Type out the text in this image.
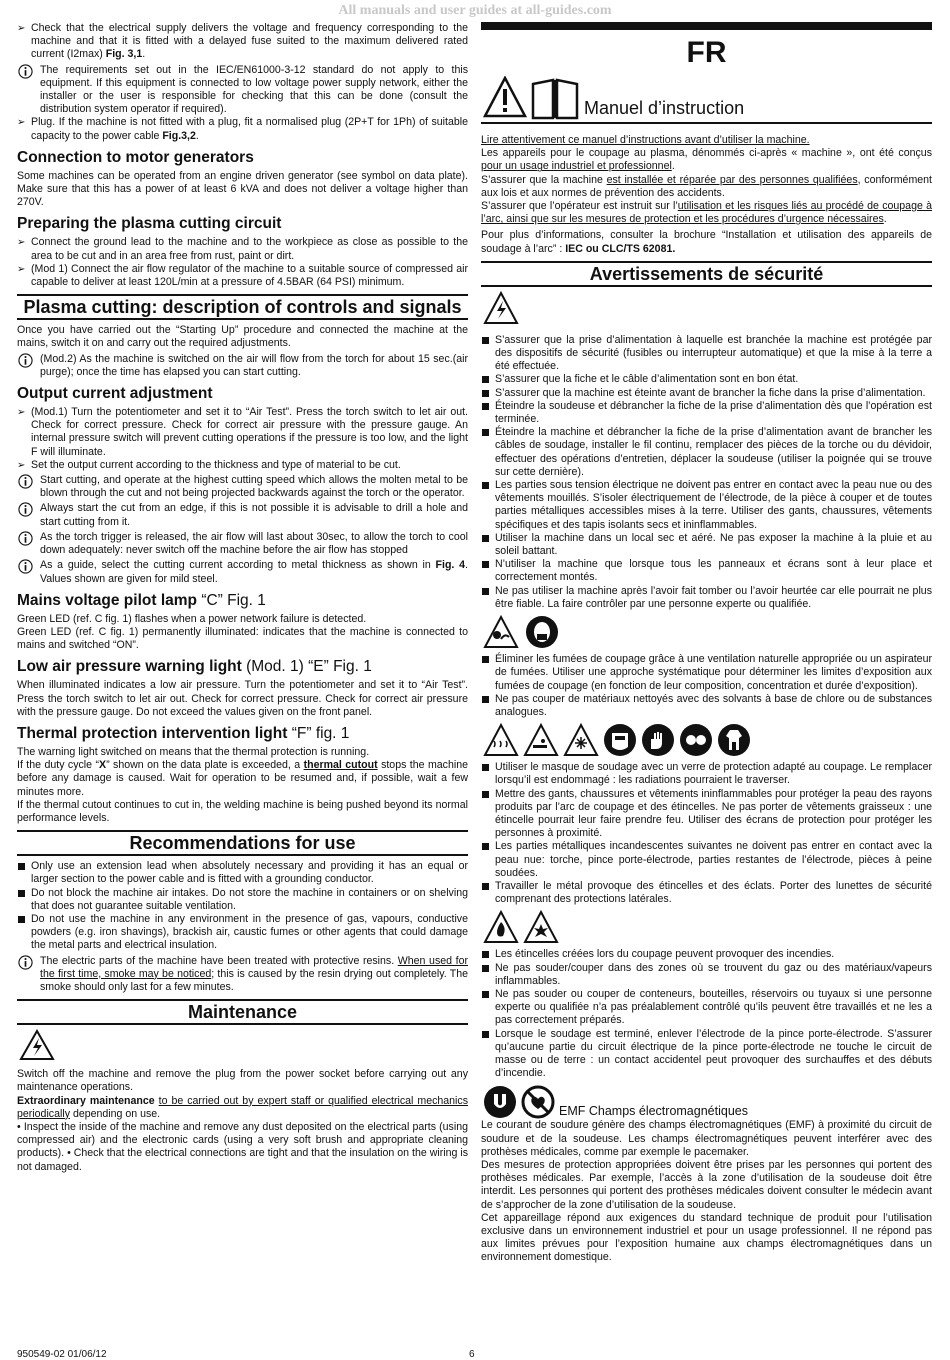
All manuals and user guides at all-guides.com
➢ Check that the electrical supply delivers the voltage and frequency corresponding to the machine and that it is fitted with a delayed fuse suited to the maximum delivered rated current (I2max) Fig. 3,1.
The requirements set out in the IEC/EN61000-3-12 standard do not apply to this equipment. If this equipment is connected to low voltage power supply network, either the installer or the user is responsible for checking that this can be done (consult the distribution system operator if required).
➢ Plug. If the machine is not fitted with a plug, fit a normalised plug (2P+T for 1Ph) of suitable capacity to the power cable Fig.3,2.
Connection to motor generators

Some machines can be operated from an engine driven generator (see symbol on data plate). Make sure that this has a power of at least 6 kVA and does not deliver a voltage higher than 270V.

Preparing the plasma cutting circuit
➢ Connect the ground lead to the machine and to the workpiece as close as possible to the area to be cut and in an area free from rust, paint or dirt.
➢ (Mod 1) Connect the air flow regulator of the machine to a suitable source of compressed air capable to deliver at least 120L/min at a pressure of 4.5BAR (64 PSI) minimum.
Plasma cutting: description of controls and signals

Once you have carried out the “Starting Up” procedure and connected the machine at the mains, switch it on and carry out the required adjustments.

(Mod.2) As the machine is switched on the air will flow from the torch for about 15 sec.(air purge); once the time has elapsed you can start cutting.
Output current adjustment
➢ (Mod.1) Turn the potentiometer and set it to “Air Test”. Press the torch switch to let air out. Check for correct pressure. Check for correct air pressure with the pressure gauge. An internal pressure switch will prevent cutting operations if the pressure is too low, and the light F will illuminate.
➢ Set the output current according to the thickness and type of material to be cut.
Start cutting, and operate at the highest cutting speed which allows the molten metal to be blown through the cut and not being projected backwards against the torch or the operator.
Always start the cut from an edge, if this is not possible it is advisable to drill a hole and start cutting from it.
As the torch trigger is released, the air flow will last about 30sec, to allow the torch to cool down adequately: never switch off the machine before the air flow has stopped
As a guide, select the cutting current according to metal thickness as shown in Fig. 4. Values shown are given for mild steel.
Mains voltage pilot lamp “C” Fig. 1

Green LED (ref. C fig. 1) flashes when a power network failure is detected.

Green LED (ref. C fig. 1) permanently illuminated: indicates that the machine is connected to mains and switched “ON”.

Low air pressure warning light (Mod. 1) “E” Fig. 1

When illuminated indicates a low air pressure. Turn the potentiometer and set it to “Air Test”. Press the torch switch to let air out. Check for correct pressure. Check for correct air pressure with the pressure gauge. Do not exceed the values given on the front panel.

Thermal protection intervention light “F” fig. 1

The warning light switched on means that the thermal protection is running.

If the duty cycle “X” shown on the data plate is exceeded, a thermal cutout stops the machine before any damage is caused. Wait for operation to be resumed and, if possible, wait a few minutes more.

If the thermal cutout continues to cut in, the welding machine is being pushed beyond its normal performance levels.

Recommendations for use
Only use an extension lead when absolutely necessary and providing it has an equal or larger section to the power cable and is fitted with a grounding conductor.
Do not block the machine air intakes. Do not store the machine in containers or on shelving that does not guarantee suitable ventilation.
Do not use the machine in any environment in the presence of gas, vapours, conductive powders (e.g. iron shavings), brackish air, caustic fumes or other agents that could damage the metal parts and electrical insulation.
The electric parts of the machine have been treated with protective resins. When used for the first time, smoke may be noticed; this is caused by the resin drying out completely. The smoke should only last for a few minutes.
Maintenance

Switch off the machine and remove the plug from the power socket before carrying out any maintenance operations.

Extraordinary maintenance to be carried out by expert staff or qualified electrical mechanics periodically depending on use.

• Inspect the inside of the machine and remove any dust deposited on the electrical parts (using compressed air) and the electronic cards (using a very soft brush and appropriate cleaning products). • Check that the electrical connections are tight and that the insulation on the wiring is not damaged.

FR
Manuel d’instruction

Lire attentivement ce manuel d’instructions avant d’utiliser la machine.

Les appareils pour le coupage au plasma, dénommés ci-après « machine », ont été conçus pour un usage industriel et professionnel.

S’assurer que la machine est installée et réparée par des personnes qualifiées, conformément aux lois et aux normes de prévention des accidents.

S’assurer que l’opérateur est instruit sur l’utilisation et les risques liés au procédé de coupage à l’arc, ainsi que sur les mesures de protection et les procédures d’urgence nécessaires.

Pour plus d’informations, consulter la brochure “Installation et utilisation des appareils de soudage à l’arc” : IEC ou CLC/TS 62081.

Avertissements de sécurité
S’assurer que la prise d’alimentation à laquelle est branchée la machine est protégée par des dispositifs de sécurité (fusibles ou interrupteur automatique) et que la mise à la terre a été effectuée.
S’assurer que la fiche et le câble d’alimentation sont en bon état.
S’assurer que la machine est éteinte avant de brancher la fiche dans la prise d’alimentation.
Éteindre la soudeuse et débrancher la fiche de la prise d’alimentation dès que l’opération est terminée.
Éteindre la machine et débrancher la fiche de la prise d’alimentation avant de brancher les câbles de soudage, installer le fil continu, remplacer des pièces de la torche ou du dévidoir, effectuer des opérations d’entretien, déplacer la soudeuse (utiliser la poignée qui se trouve sur cette dernière).
Les parties sous tension électrique ne doivent pas entrer en contact avec la peau nue ou des vêtements mouillés. S’isoler électriquement de l’électrode, de la pièce à couper et de toutes parties métalliques accessibles mises à la terre. Utiliser des gants, chaussures, vêtements spécifiques et des tapis isolants secs et ininflammables.
Utiliser la machine dans un local sec et aéré. Ne pas exposer la machine à la pluie et au soleil battant.
N’utiliser la machine que lorsque tous les panneaux et écrans sont à leur place et correctement montés.
Ne pas utiliser la machine après l’avoir fait tomber ou l’avoir heurtée car elle pourrait ne plus être fiable. La faire contrôler par une personne experte ou qualifiée.
Éliminer les fumées de coupage grâce à une ventilation naturelle appropriée ou un aspirateur de fumées. Utiliser une approche systématique pour déterminer les limites d’exposition aux fumées de coupage (en fonction de leur composition, concentration et durée d’exposition).
Ne pas couper de matériaux nettoyés avec des solvants à base de chlore ou de substances analogues.
Utiliser le masque de soudage avec un verre de protection adapté au coupage. Le remplacer lorsqu’il est endommagé : les radiations pourraient le traverser.
Mettre des gants, chaussures et vêtements ininflammables pour protéger la peau des rayons produits par l’arc de coupage et des étincelles. Ne pas porter de vêtements graisseux : une étincelle pourrait leur faire prendre feu. Utiliser des écrans de protection pour protéger les personnes à proximité.
Les parties métalliques incandescentes suivantes ne doivent pas entrer en contact avec la peau nue: torche, pince porte-électrode, parties restantes de l’électrode, pièces à peine soudées.
Travailler le métal provoque des étincelles et des éclats. Porter des lunettes de sécurité comprenant des protections latérales.
Les étincelles créées lors du coupage peuvent provoquer des incendies.
Ne pas souder/couper dans des zones où se trouvent du gaz ou des matériaux/vapeurs inflammables.
Ne pas souder ou couper de conteneurs, bouteilles, réservoirs ou tuyaux si une personne experte ou qualifiée n’a pas préalablement contrôlé qu’ils peuvent être travaillés et ne les a pas correctement préparés.
Lorsque le soudage est terminé, enlever l’électrode de la pince porte-électrode. S’assurer qu’aucune partie du circuit électrique de la pince porte-électrode ne touche le circuit de masse ou de terre : un contact accidentel peut provoquer des surchauffes et des débuts d’incendie.
EMF Champs électromagnétiques

Le courant de soudure génère des champs électromagnétiques (EMF) à proximité du circuit de soudure et de la soudeuse. Les champs électromagnétiques peuvent interférer avec des prothèses médicales, comme par exemple le pacemaker.

Des mesures de protection appropriées doivent être prises par les personnes qui portent des prothèses médicales. Par exemple, l’accès à la zone d’utilisation de la soudeuse doit être interdit. Les personnes qui portent des prothèses médicales doivent consulter le médecin avant de s’approcher de la zone d’utilisation de la soudeuse.

Cet appareillage répond aux exigences du standard technique de produit pour l’utilisation exclusive dans un environnement industriel et pour un usage professionnel. Il ne répond pas aux limites prévues pour l’exposition humaine aux champs électromagnétiques dans un environnement domestique.

950549-02 01/06/12	6
